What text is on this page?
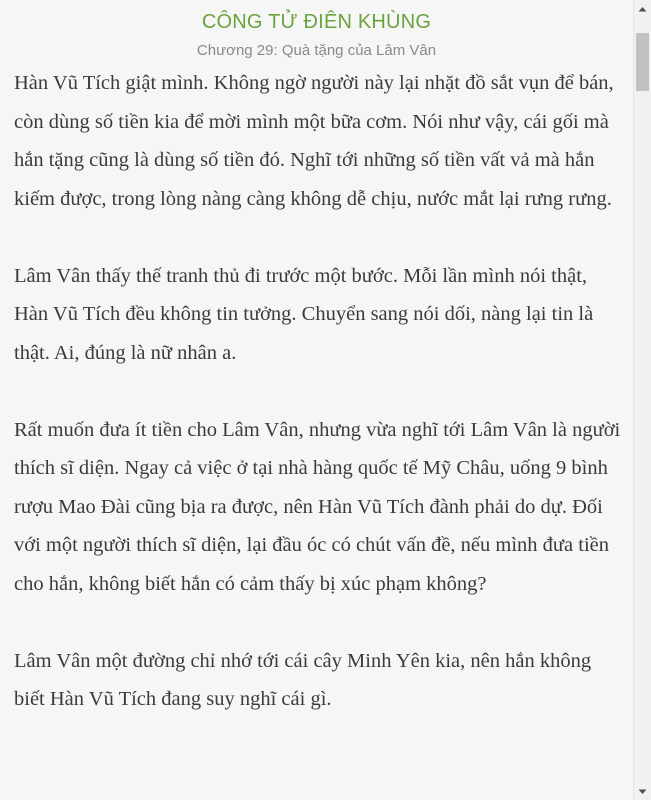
CÔNG TỬ ĐIÊN KHÙNG
Chương 29: Quà tặng của Lâm Vân

Hàn Vũ Tích giật mình. Không ngờ người này lại nhặt đồ sắt vụn để bán, còn dùng số tiền kia để mời mình một bữa cơm. Nói như vậy, cái gối mà hắn tặng cũng là dùng số tiền đó. Nghĩ tới những số tiền vất vả mà hắn kiếm được, trong lòng nàng càng không dễ chịu, nước mắt lại rưng rưng.

Lâm Vân thấy thế tranh thủ đi trước một bước. Mỗi lần mình nói thật, Hàn Vũ Tích đều không tin tưởng. Chuyển sang nói dối, nàng lại tin là thật. Ai, đúng là nữ nhân a.

Rất muốn đưa ít tiền cho Lâm Vân, nhưng vừa nghĩ tới Lâm Vân là người thích sĩ diện. Ngay cả việc ở tại nhà hàng quốc tế Mỹ Châu, uống 9 bình rượu Mao Đài cũng bịa ra được, nên Hàn Vũ Tích đành phải do dự. Đối với một người thích sĩ diện, lại đầu óc có chút vấn đề, nếu mình đưa tiền cho hắn, không biết hắn có cảm thấy bị xúc phạm không?

Lâm Vân một đường chỉ nhớ tới cái cây Minh Yên kia, nên hắn không biết Hàn Vũ Tích đang suy nghĩ cái gì.
